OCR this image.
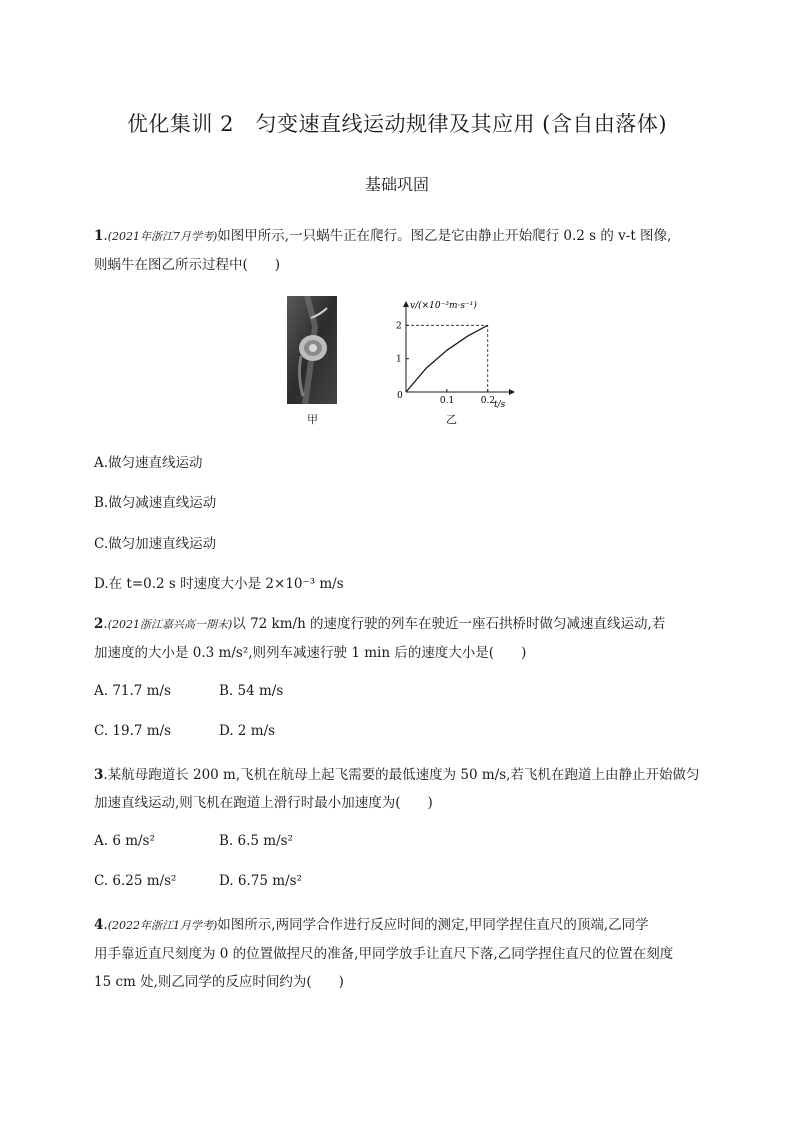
优化集训 2　匀变速直线运动规律及其应用 (含自由落体)
基础巩固
1.(2021年浙江7月学考)如图甲所示,一只蜗牛正在爬行。图乙是它由静止开始爬行 0.2 s 的 v-t 图像,
则蜗牛在图乙所示过程中(　　)
甲
v/(×10⁻³m·s⁻¹)
t/s
0	0.1	0.2
1
2
乙
A.做匀速直线运动
B.做匀减速直线运动
C.做匀加速直线运动
D.在 t=0.2 s 时速度大小是 2×10⁻³ m/s
2.(2021浙江嘉兴高一期末)以 72 km/h 的速度行驶的列车在驶近一座石拱桥时做匀减速直线运动,若
加速度的大小是 0.3 m/s²,则列车减速行驶 1 min 后的速度大小是(　　)
A. 71.7 m/s	B. 54 m/s
C. 19.7 m/s	D. 2 m/s
3.某航母跑道长 200 m,飞机在航母上起飞需要的最低速度为 50 m/s,若飞机在跑道上由静止开始做匀
加速直线运动,则飞机在跑道上滑行时最小加速度为(　　)
A. 6 m/s²	B. 6.5 m/s²
C. 6.25 m/s²	D. 6.75 m/s²
4.(2022年浙江1月学考)如图所示,两同学合作进行反应时间的测定,甲同学捏住直尺的顶端,乙同学
用手靠近直尺刻度为 0 的位置做捏尺的准备,甲同学放手让直尺下落,乙同学捏住直尺的位置在刻度
15 cm 处,则乙同学的反应时间约为(　　)
